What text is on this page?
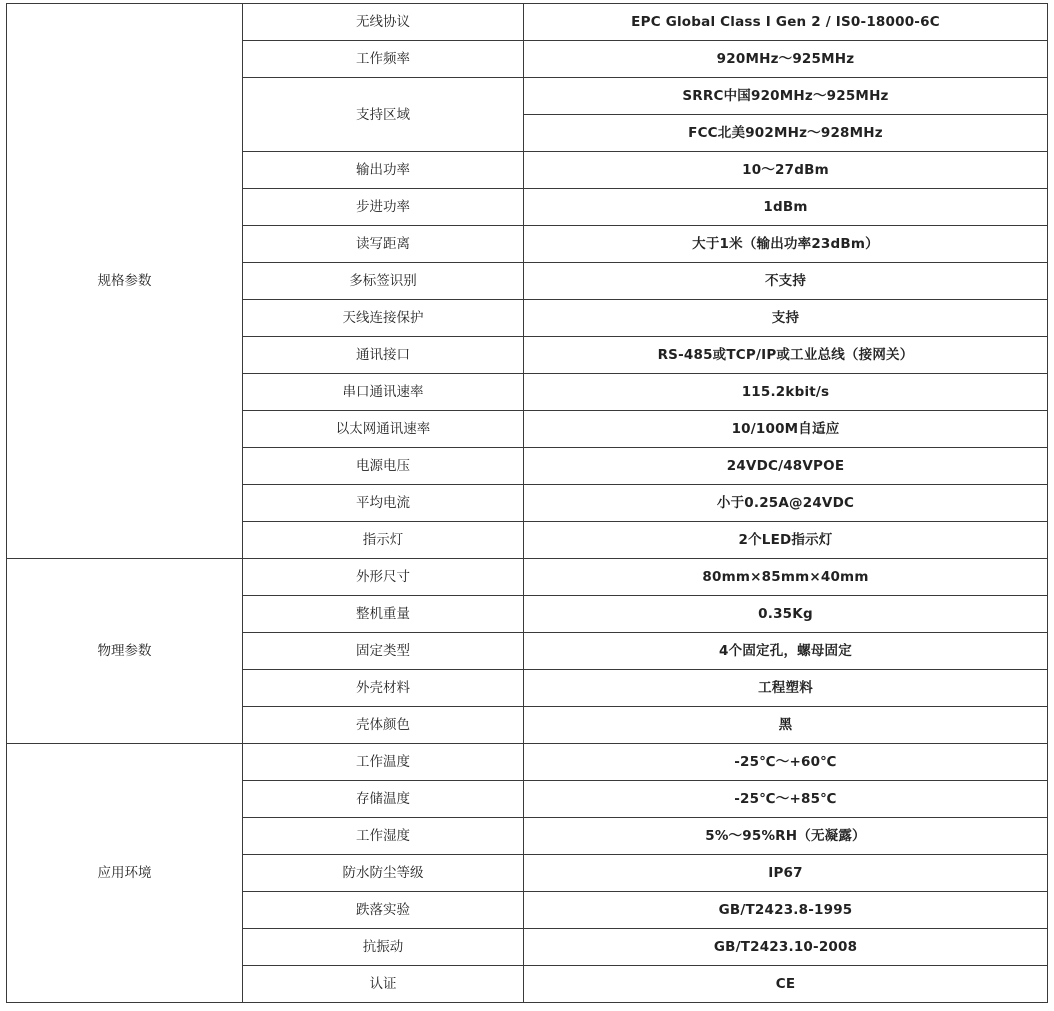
规格参数	无线协议	EPC Global Class I Gen 2 / IS0-18000-6C
	工作频率	920MHz～925MHz
	支持区域	SRRC中国920MHz～925MHz
		FCC北美902MHz～928MHz
	输出功率	10～27dBm
	步进功率	1dBm
	读写距离	大于1米（输出功率23dBm）
	多标签识别	不支持
	天线连接保护	支持
	通讯接口	RS-485或TCP/IP或工业总线（接网关）
	串口通讯速率	115.2kbit/s
	以太网通讯速率	10/100M自适应
	电源电压	24VDC/48VPOE
	平均电流	小于0.25A@24VDC
	指示灯	2个LED指示灯
物理参数	外形尺寸	80mm×85mm×40mm
	整机重量	0.35Kg
	固定类型	4个固定孔，螺母固定
	外壳材料	工程塑料
	壳体颜色	黑
应用环境	工作温度	-25℃～+60℃
	存储温度	-25℃～+85℃
	工作湿度	5%～95%RH（无凝露）
	防水防尘等级	IP67
	跌落实验	GB/T2423.8-1995
	抗振动	GB/T2423.10-2008
	认证	CE
